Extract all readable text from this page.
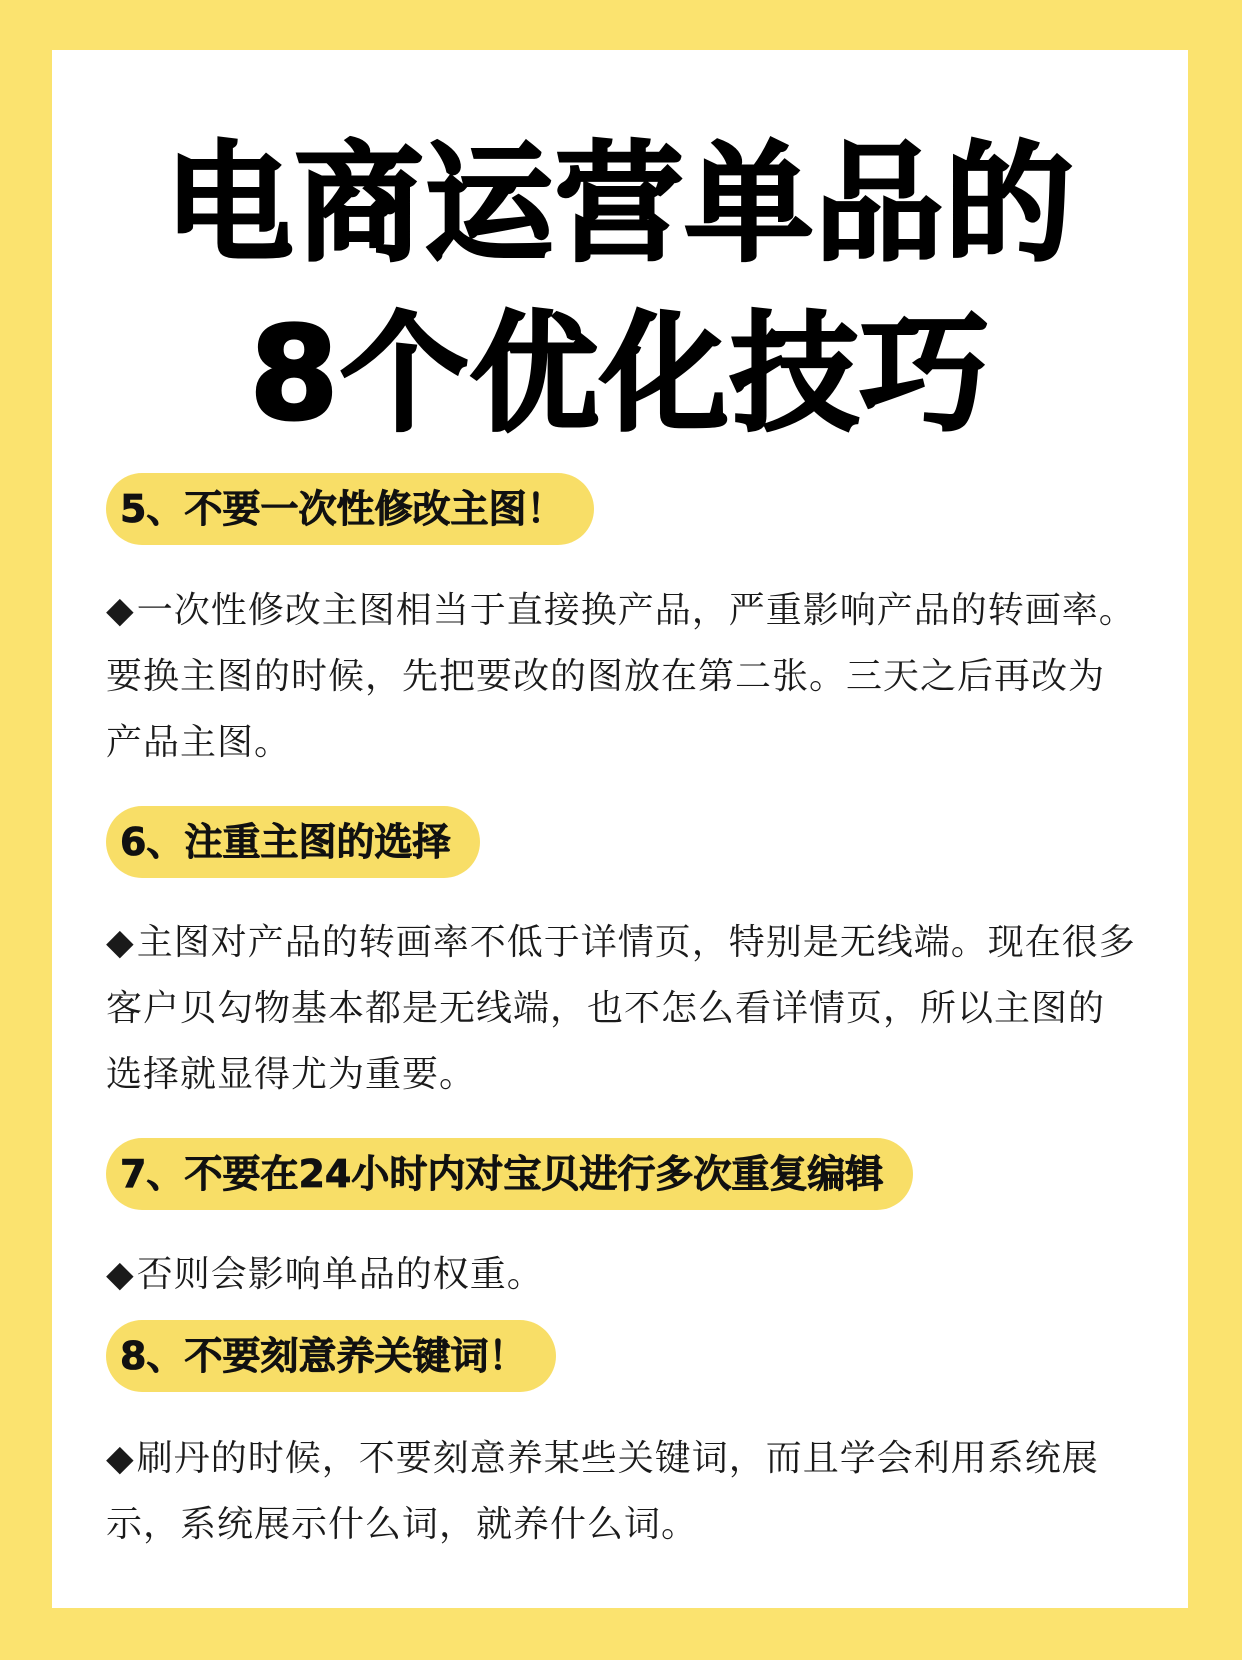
电商运营单品的
8个优化技巧
5、不要一次性修改主图！
◆一次性修改主图相当于直接换产品，严重影响产品的转画率。要换主图的时候，先把要改的图放在第二张。三天之后再改为产品主图。
6、注重主图的选择
◆主图对产品的转画率不低于详情页，特别是无线端。现在很多客户贝勾物基本都是无线端，也不怎么看详情页，所以主图的选择就显得尤为重要。
7、不要在24小时内对宝贝进行多次重复编辑
◆否则会影响单品的权重。
8、不要刻意养关键词！
◆刷丹的时候，不要刻意养某些关键词，而且学会利用系统展示，系统展示什么词，就养什么词。
